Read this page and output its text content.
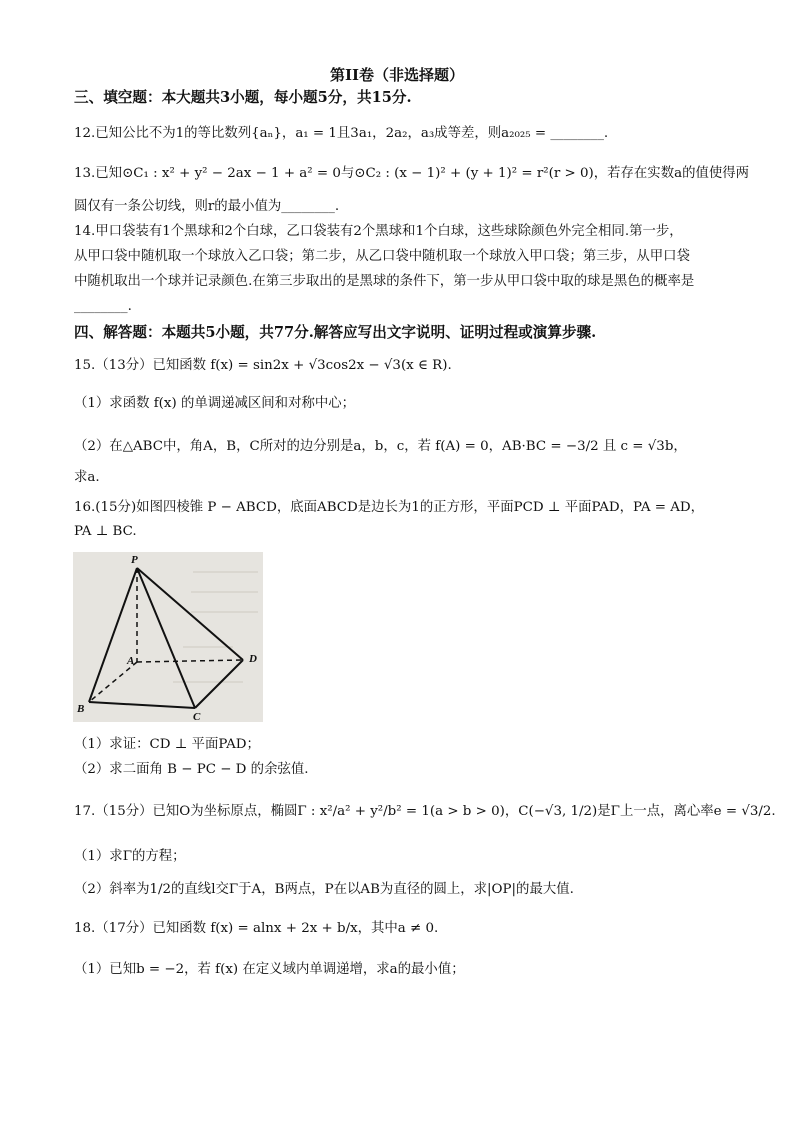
第II卷（非选择题）
三、填空题：本大题共3小题，每小题5分，共15分.
12.已知公比不为1的等比数列{aₙ}，a₁ = 1且3a₁，2a₂，a₃成等差，则a₂₀₂₅ = ________.
13.已知⊙C₁ : x² + y² − 2ax − 1 + a² = 0与⊙C₂ : (x − 1)² + (y + 1)² = r²(r > 0)，若存在实数a的值使得两
圆仅有一条公切线，则r的最小值为________.
14.甲口袋装有1个黑球和2个白球，乙口袋装有2个黑球和1个白球，这些球除颜色外完全相同.第一步，
从甲口袋中随机取一个球放入乙口袋；第二步，从乙口袋中随机取一个球放入甲口袋；第三步，从甲口袋
中随机取出一个球并记录颜色.在第三步取出的是黑球的条件下，第一步从甲口袋中取的球是黑色的概率是
________.
四、解答题：本题共5小题，共77分.解答应写出文字说明、证明过程或演算步骤.
15.（13分）已知函数 f(x) = sin2x + √3cos2x − √3(x ∈ R).
（1）求函数 f(x) 的单调递减区间和对称中心；
（2）在△ABC中，角A，B，C所对的边分别是a，b，c，若 f(A) = 0，AB·BC = −3/2 且 c = √3b，
求a.
16.(15分)如图四棱锥 P − ABCD，底面ABCD是边长为1的正方形，平面PCD ⊥ 平面PAD，PA = AD，
PA ⊥ BC.
P
A
B
C
D
（1）求证：CD ⊥ 平面PAD；
（2）求二面角 B − PC − D 的余弦值.
17.（15分）已知O为坐标原点，椭圆Γ : x²/a² + y²/b² = 1(a > b > 0)，C(−√3, 1/2)是Γ上一点，离心率e = √3/2.
（1）求Γ的方程；
（2）斜率为1/2的直线l交Γ于A，B两点，P在以AB为直径的圆上，求|OP|的最大值.
18.（17分）已知函数 f(x) = alnx + 2x + b/x，其中a ≠ 0.
（1）已知b = −2，若 f(x) 在定义域内单调递增，求a的最小值；
